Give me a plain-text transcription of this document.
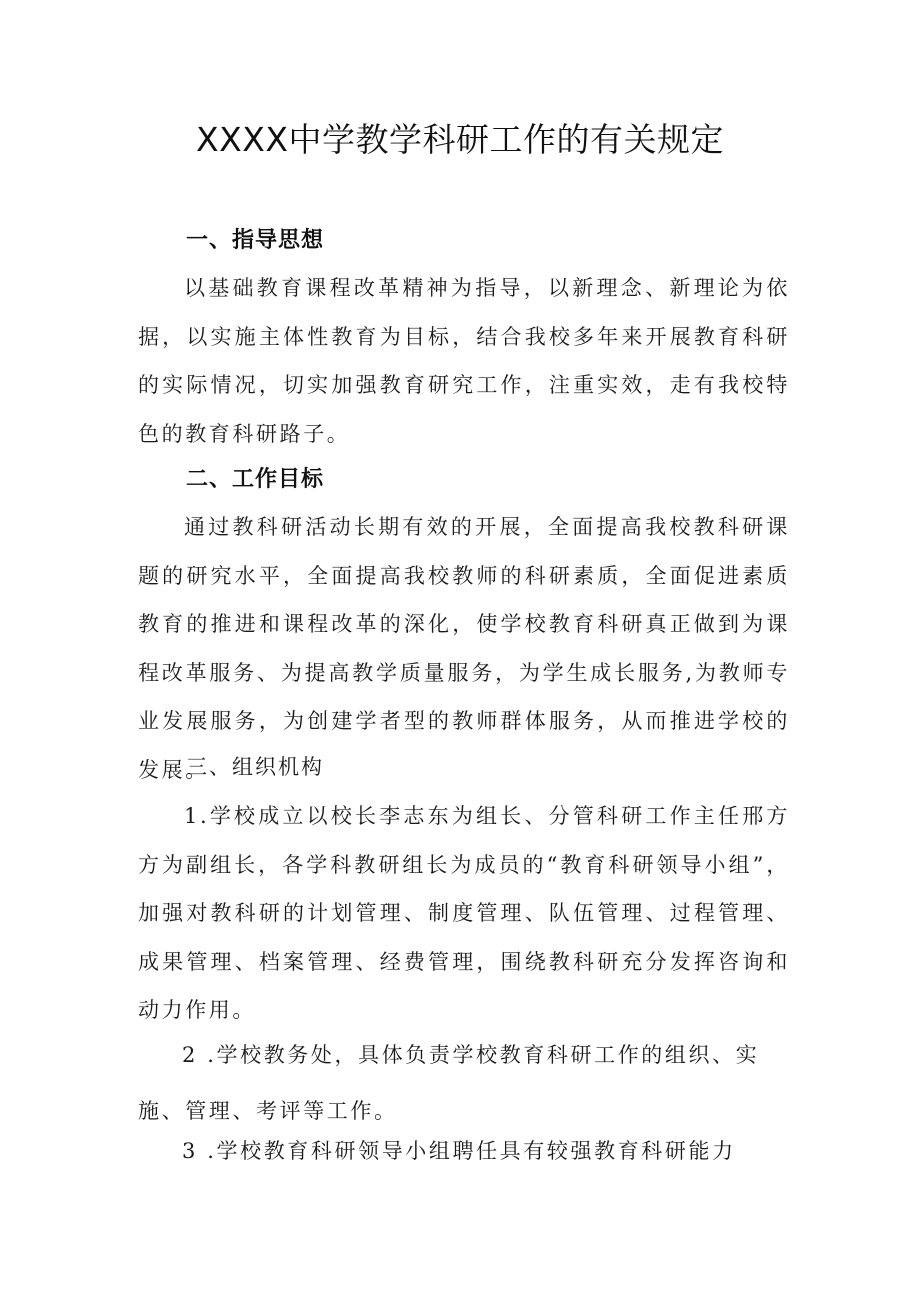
XXXX中学教学科研工作的有关规定
一、指导思想

以基础教育课程改革精神为指导，以新理念、新理论为依据，以实施主体性教育为目标，结合我校多年来开展教育科研的实际情况，切实加强教育研究工作，注重实效，走有我校特色的教育科研路子。

二、工作目标

通过教科研活动长期有效的开展，全面提高我校教科研课题的研究水平，全面提高我校教师的科研素质，全面促进素质教育的推进和课程改革的深化，使学校教育科研真正做到为课程改革服务、为提高教学质量服务，为学生成长服务,为教师专业发展服务，为创建学者型的教师群体服务，从而推进学校的发展。

三、组织机构

1.学校成立以校长李志东为组长、分管科研工作主任邢方方为副组长，各学科教研组长为成员的“教育科研领导小组”，加强对教科研的计划管理、制度管理、队伍管理、过程管理、成果管理、档案管理、经费管理，围绕教科研充分发挥咨询和动力作用。

2 .学校教务处，具体负责学校教育科研工作的组织、实
施、管理、考评等工作。
3 .学校教育科研领导小组聘任具有较强教育科研能力
